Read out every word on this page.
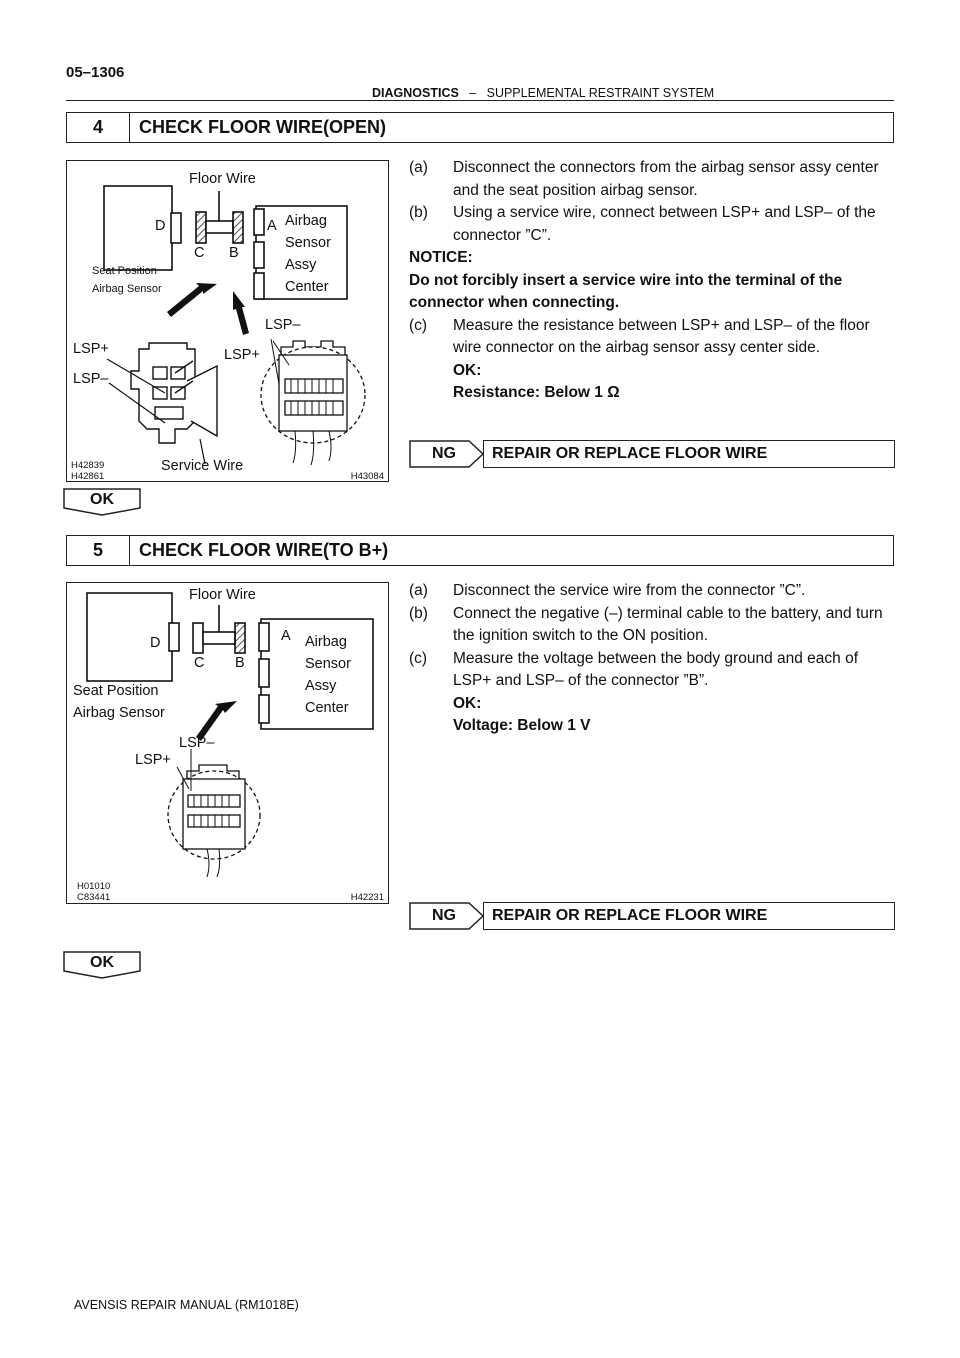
05–1306
DIAGNOSTICS – SUPPLEMENTAL RESTRAINT SYSTEM
4	CHECK FLOOR WIRE(OPEN)
Floor Wire
D
C B
A Airbag
Sensor
Assy
Center
Seat Position
Airbag Sensor
LSP–
LSP+	LSP+
LSP–
Service Wire
H42839
H42861	H43084
(a) Disconnect the connectors from the airbag sensor assy center and the seat position airbag sensor.
(b) Using a service wire, connect between LSP+ and LSP– of the connector ”C”.
NOTICE:
Do not forcibly insert a service wire into the terminal of the connector when connecting.
(c) Measure the resistance between LSP+ and LSP– of the floor wire connector on the airbag sensor assy center side.
OK:
Resistance: Below 1 Ω
NG	REPAIR OR REPLACE FLOOR WIRE
OK
5	CHECK FLOOR WIRE(TO B+)
Floor Wire
D
C B
A Airbag
Sensor
Assy
Center
Seat Position
Airbag Sensor
LSP–
LSP+
H01010
C83441	H42231
(a) Disconnect the service wire from the connector ”C”.
(b) Connect the negative (–) terminal cable to the battery, and turn the ignition switch to the ON position.
(c) Measure the voltage between the body ground and each of LSP+ and LSP– of the connector ”B”.
OK:
Voltage: Below 1 V
NG	REPAIR OR REPLACE FLOOR WIRE
OK
AVENSIS REPAIR MANUAL (RM1018E)
